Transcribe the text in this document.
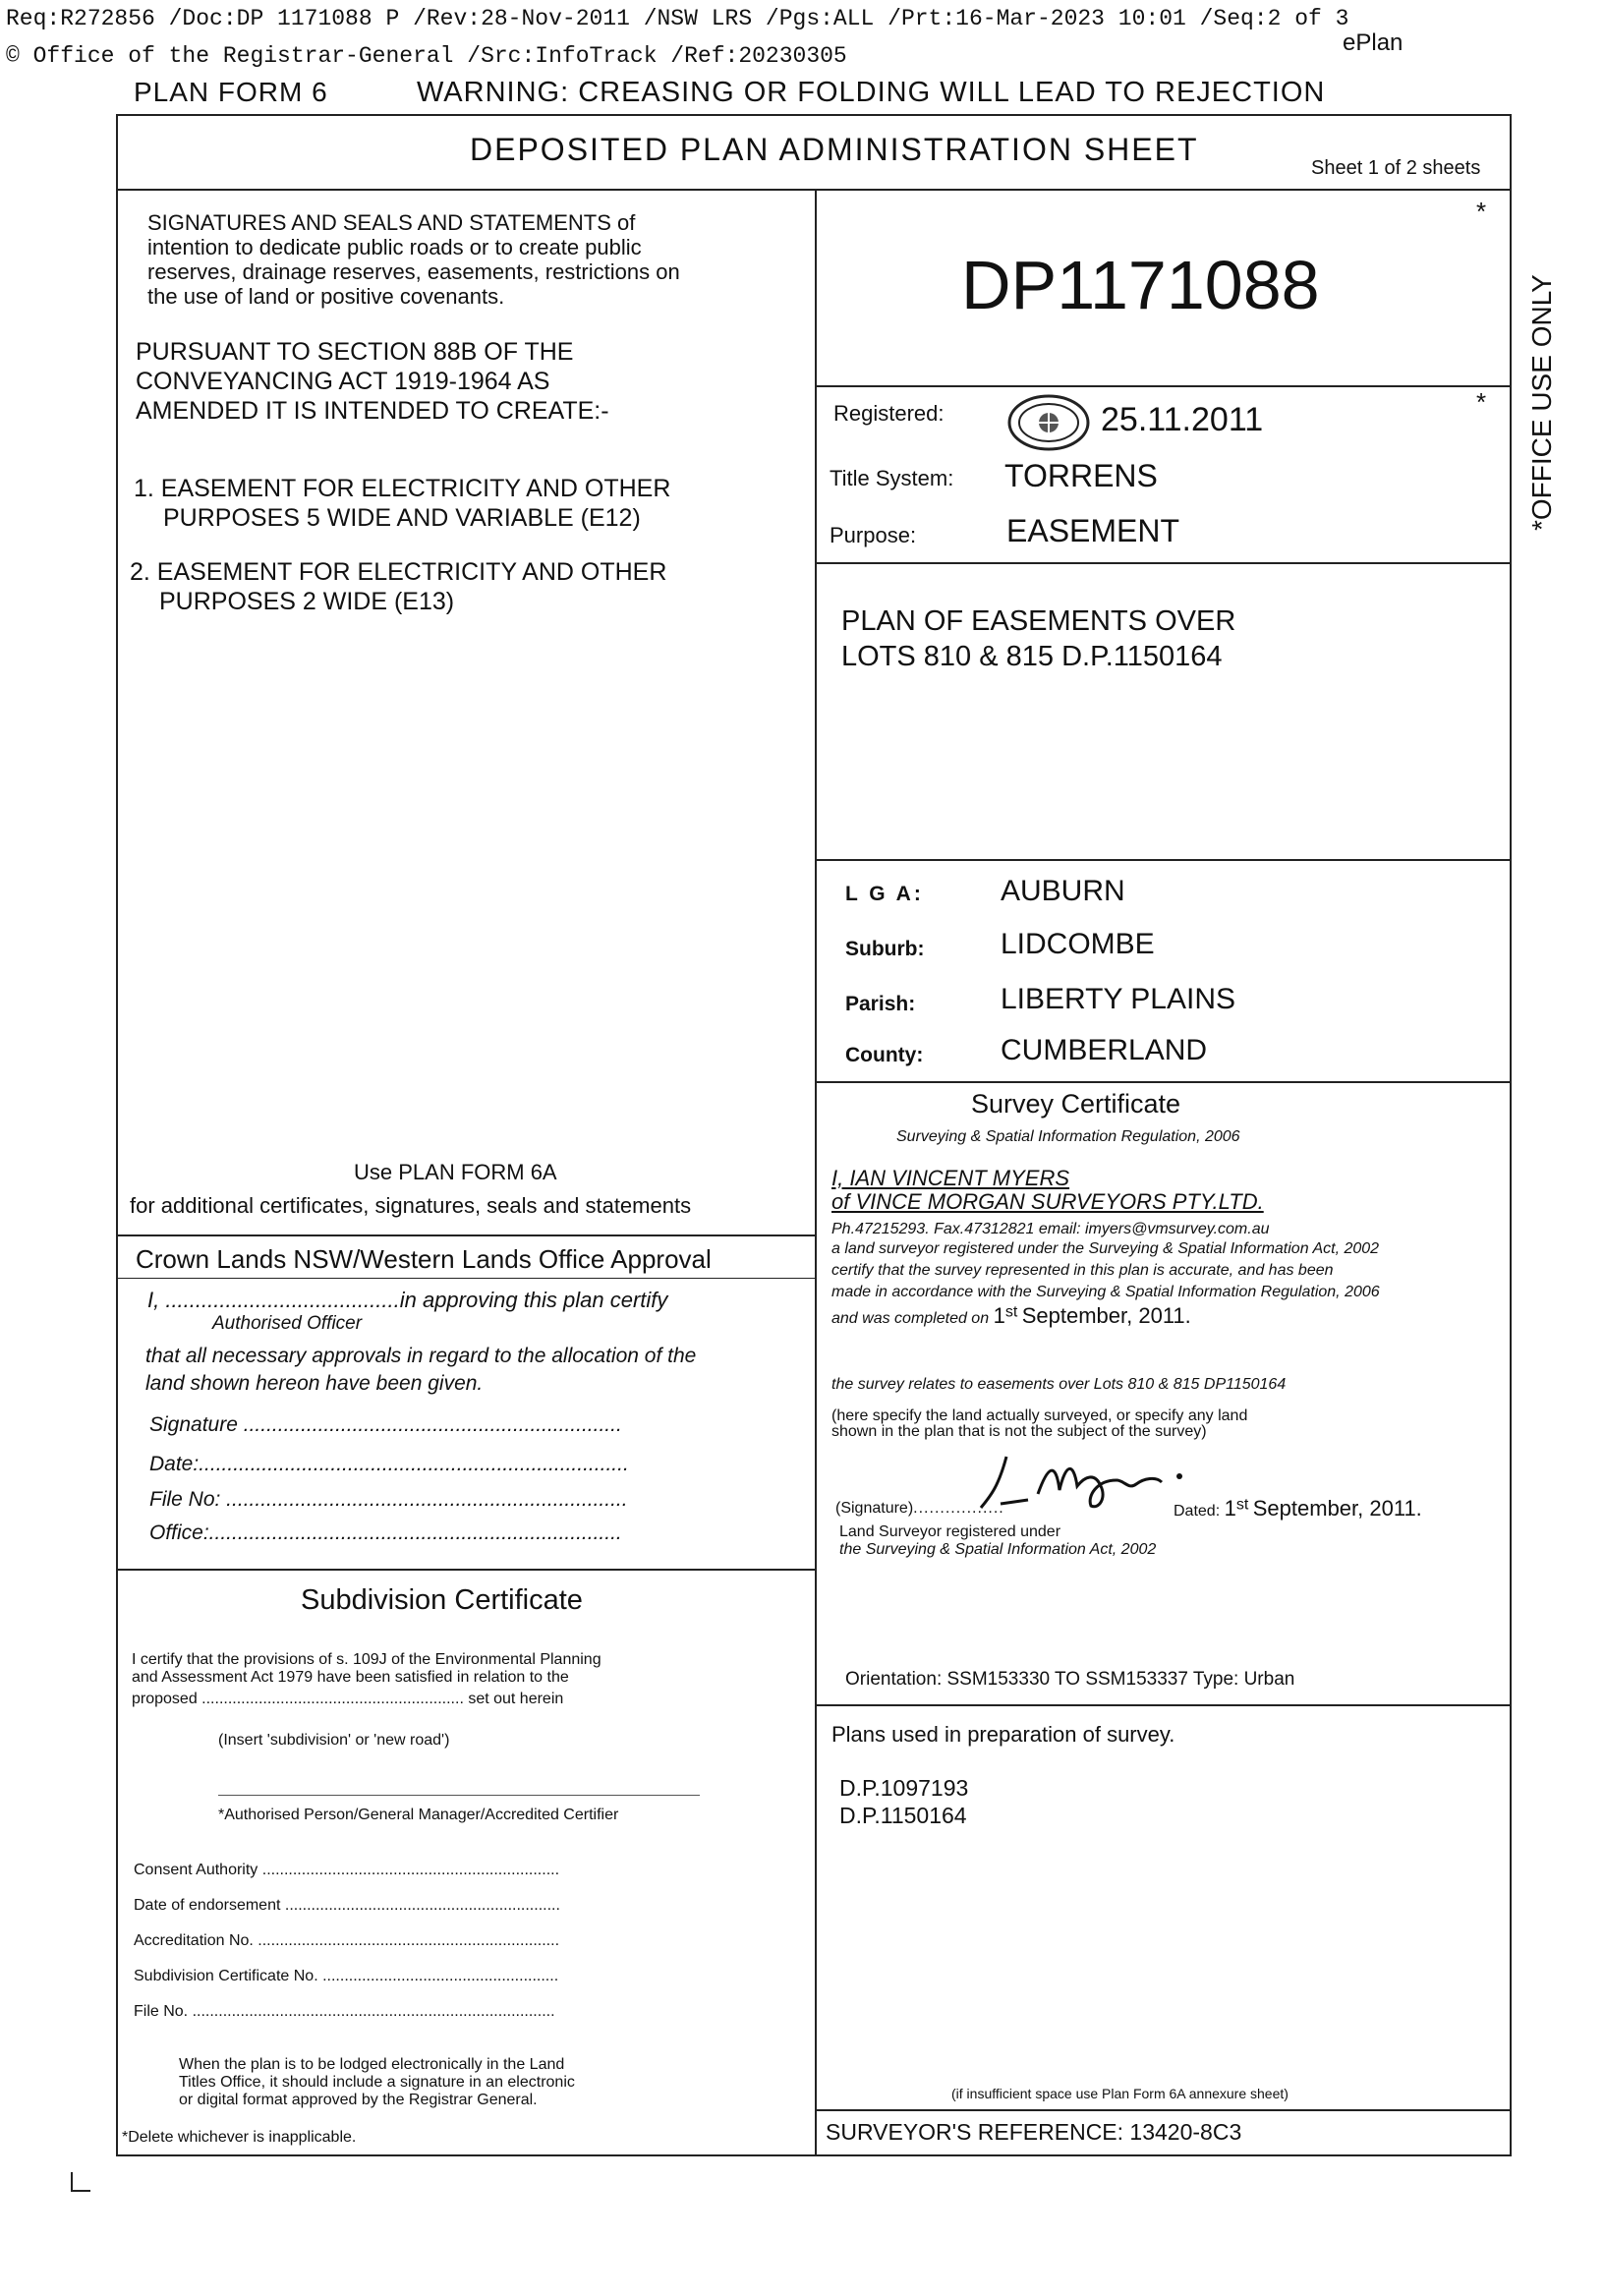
Req:R272856 /Doc:DP 1171088 P /Rev:28-Nov-2011 /NSW LRS /Pgs:ALL /Prt:16-Mar-2023 10:01 /Seq:2 of 3
© Office of the Registrar-General /Src:InfoTrack /Ref:20230305	ePlan
PLAN FORM 6	WARNING: CREASING OR FOLDING WILL LEAD TO REJECTION
DEPOSITED PLAN ADMINISTRATION SHEET
Sheet 1 of 2 sheets
*OFFICE USE ONLY
SIGNATURES AND SEALS AND STATEMENTS of
intention to dedicate public roads or to create public
reserves, drainage reserves, easements, restrictions on
the use of land or positive covenants.
PURSUANT TO SECTION 88B OF THE
CONVEYANCING ACT 1919-1964 AS
AMENDED IT IS INTENDED TO CREATE:-
1. EASEMENT FOR ELECTRICITY AND OTHER
PURPOSES 5 WIDE AND VARIABLE (E12)
2. EASEMENT FOR ELECTRICITY AND OTHER
PURPOSES 2 WIDE (E13)
Use PLAN FORM 6A
for additional certificates, signatures, seals and statements
Crown Lands NSW/Western Lands Office Approval
I, .......................................in approving this plan certify
Authorised Officer
that all necessary approvals in regard to the allocation of the
land shown hereon have been given.
Signature ..................................................................
Date:...........................................................................
File No: ......................................................................
Office:........................................................................
Subdivision Certificate
I certify that the provisions of s. 109J of the Environmental Planning
and Assessment Act 1979 have been satisfied in relation to the
proposed ............................................................ set out herein
(Insert 'subdivision' or 'new road')
*Authorised Person/General Manager/Accredited Certifier
Consent Authority ....................................................................
Date of endorsement ...............................................................
Accreditation No. .....................................................................
Subdivision Certificate No. ......................................................
File No. ...................................................................................
When the plan is to be lodged electronically in the Land
Titles Office, it should include a signature in an electronic
or digital format approved by the Registrar General.
*Delete whichever is inapplicable.
*
DP1171088
*
Registered:	25.11.2011
Title System: TORRENS
Purpose:	EASEMENT
PLAN OF EASEMENTS OVER
LOTS 810 & 815 D.P.1150164
L G A:	AUBURN
Suburb:	LIDCOMBE
Parish:	LIBERTY PLAINS
County:	CUMBERLAND
Survey Certificate
Surveying & Spatial Information Regulation, 2006
I, IAN VINCENT MYERS
of VINCE MORGAN SURVEYORS PTY.LTD.
Ph.47215293. Fax.47312821 email: imyers@vmsurvey.com.au
a land surveyor registered under the Surveying & Spatial Information Act, 2002
certify that the survey represented in this plan is accurate, and has been
made in accordance with the Surveying & Spatial Information Regulation, 2006
and was completed on 1st September, 2011.
the survey relates to easements over Lots 810 & 815 DP1150164
(here specify the land actually surveyed, or specify any land
shown in the plan that is not the subject of the survey)
(Signature).................	Dated: 1st September, 2011.
Land Surveyor registered under
the Surveying & Spatial Information Act, 2002
Orientation: SSM153330 TO SSM153337 Type: Urban
Plans used in preparation of survey.
D.P.1097193
D.P.1150164
(if insufficient space use Plan Form 6A annexure sheet)
SURVEYOR'S REFERENCE: 13420-8C3
